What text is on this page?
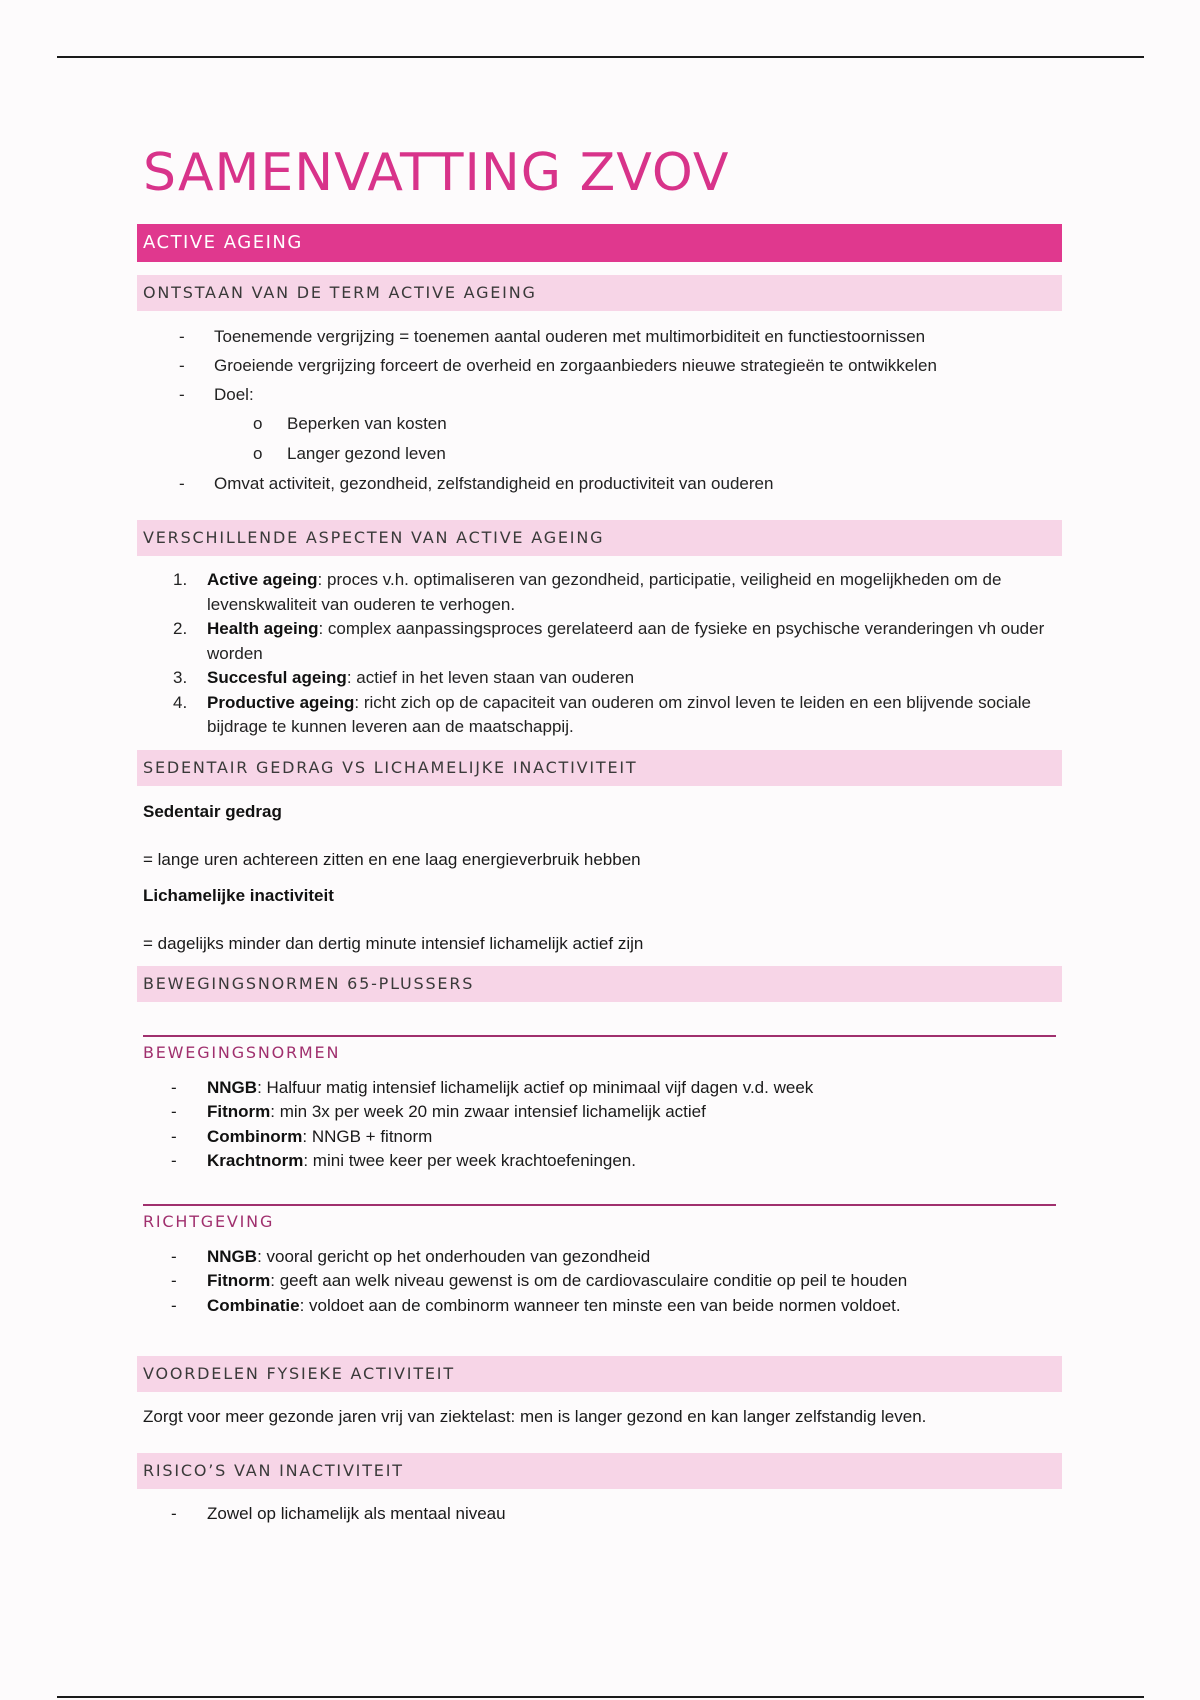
SAMENVATTING ZVOV
ACTIVE AGEING
ONTSTAAN VAN DE TERM ACTIVE AGEING
- Toenemende vergrijzing = toenemen aantal ouderen met multimorbiditeit en functiestoornissen
- Groeiende vergrijzing forceert de overheid en zorgaanbieders nieuwe strategieën te ontwikkelen
- Doel:
o Beperken van kosten
o Langer gezond leven
- Omvat activiteit, gezondheid, zelfstandigheid en productiviteit van ouderen
VERSCHILLENDE ASPECTEN VAN ACTIVE AGEING
1. Active ageing: proces v.h. optimaliseren van gezondheid, participatie, veiligheid en mogelijkheden om de levenskwaliteit van ouderen te verhogen.
2. Health ageing: complex aanpassingsproces gerelateerd aan de fysieke en psychische veranderingen vh ouder worden
3. Succesful ageing: actief in het leven staan van ouderen
4. Productive ageing: richt zich op de capaciteit van ouderen om zinvol leven te leiden en een blijvende sociale bijdrage te kunnen leveren aan de maatschappij.
SEDENTAIR GEDRAG VS LICHAMELIJKE INACTIVITEIT
Sedentair gedrag
= lange uren achtereen zitten en ene laag energieverbruik hebben
Lichamelijke inactiviteit
= dagelijks minder dan dertig minute intensief lichamelijk actief zijn
BEWEGINGSNORMEN 65-PLUSSERS
BEWEGINGSNORMEN
- NNGB: Halfuur matig intensief lichamelijk actief op minimaal vijf dagen v.d. week
- Fitnorm: min 3x per week 20 min zwaar intensief lichamelijk actief
- Combinorm: NNGB + fitnorm
- Krachtnorm: mini twee keer per week krachtoefeningen.
RICHTGEVING
- NNGB: vooral gericht op het onderhouden van gezondheid
- Fitnorm: geeft aan welk niveau gewenst is om de cardiovasculaire conditie op peil te houden
- Combinatie: voldoet aan de combinorm wanneer ten minste een van beide normen voldoet.
VOORDELEN FYSIEKE ACTIVITEIT
Zorgt voor meer gezonde jaren vrij van ziektelast: men is langer gezond en kan langer zelfstandig leven.
RISICO’S VAN INACTIVITEIT
- Zowel op lichamelijk als mentaal niveau
